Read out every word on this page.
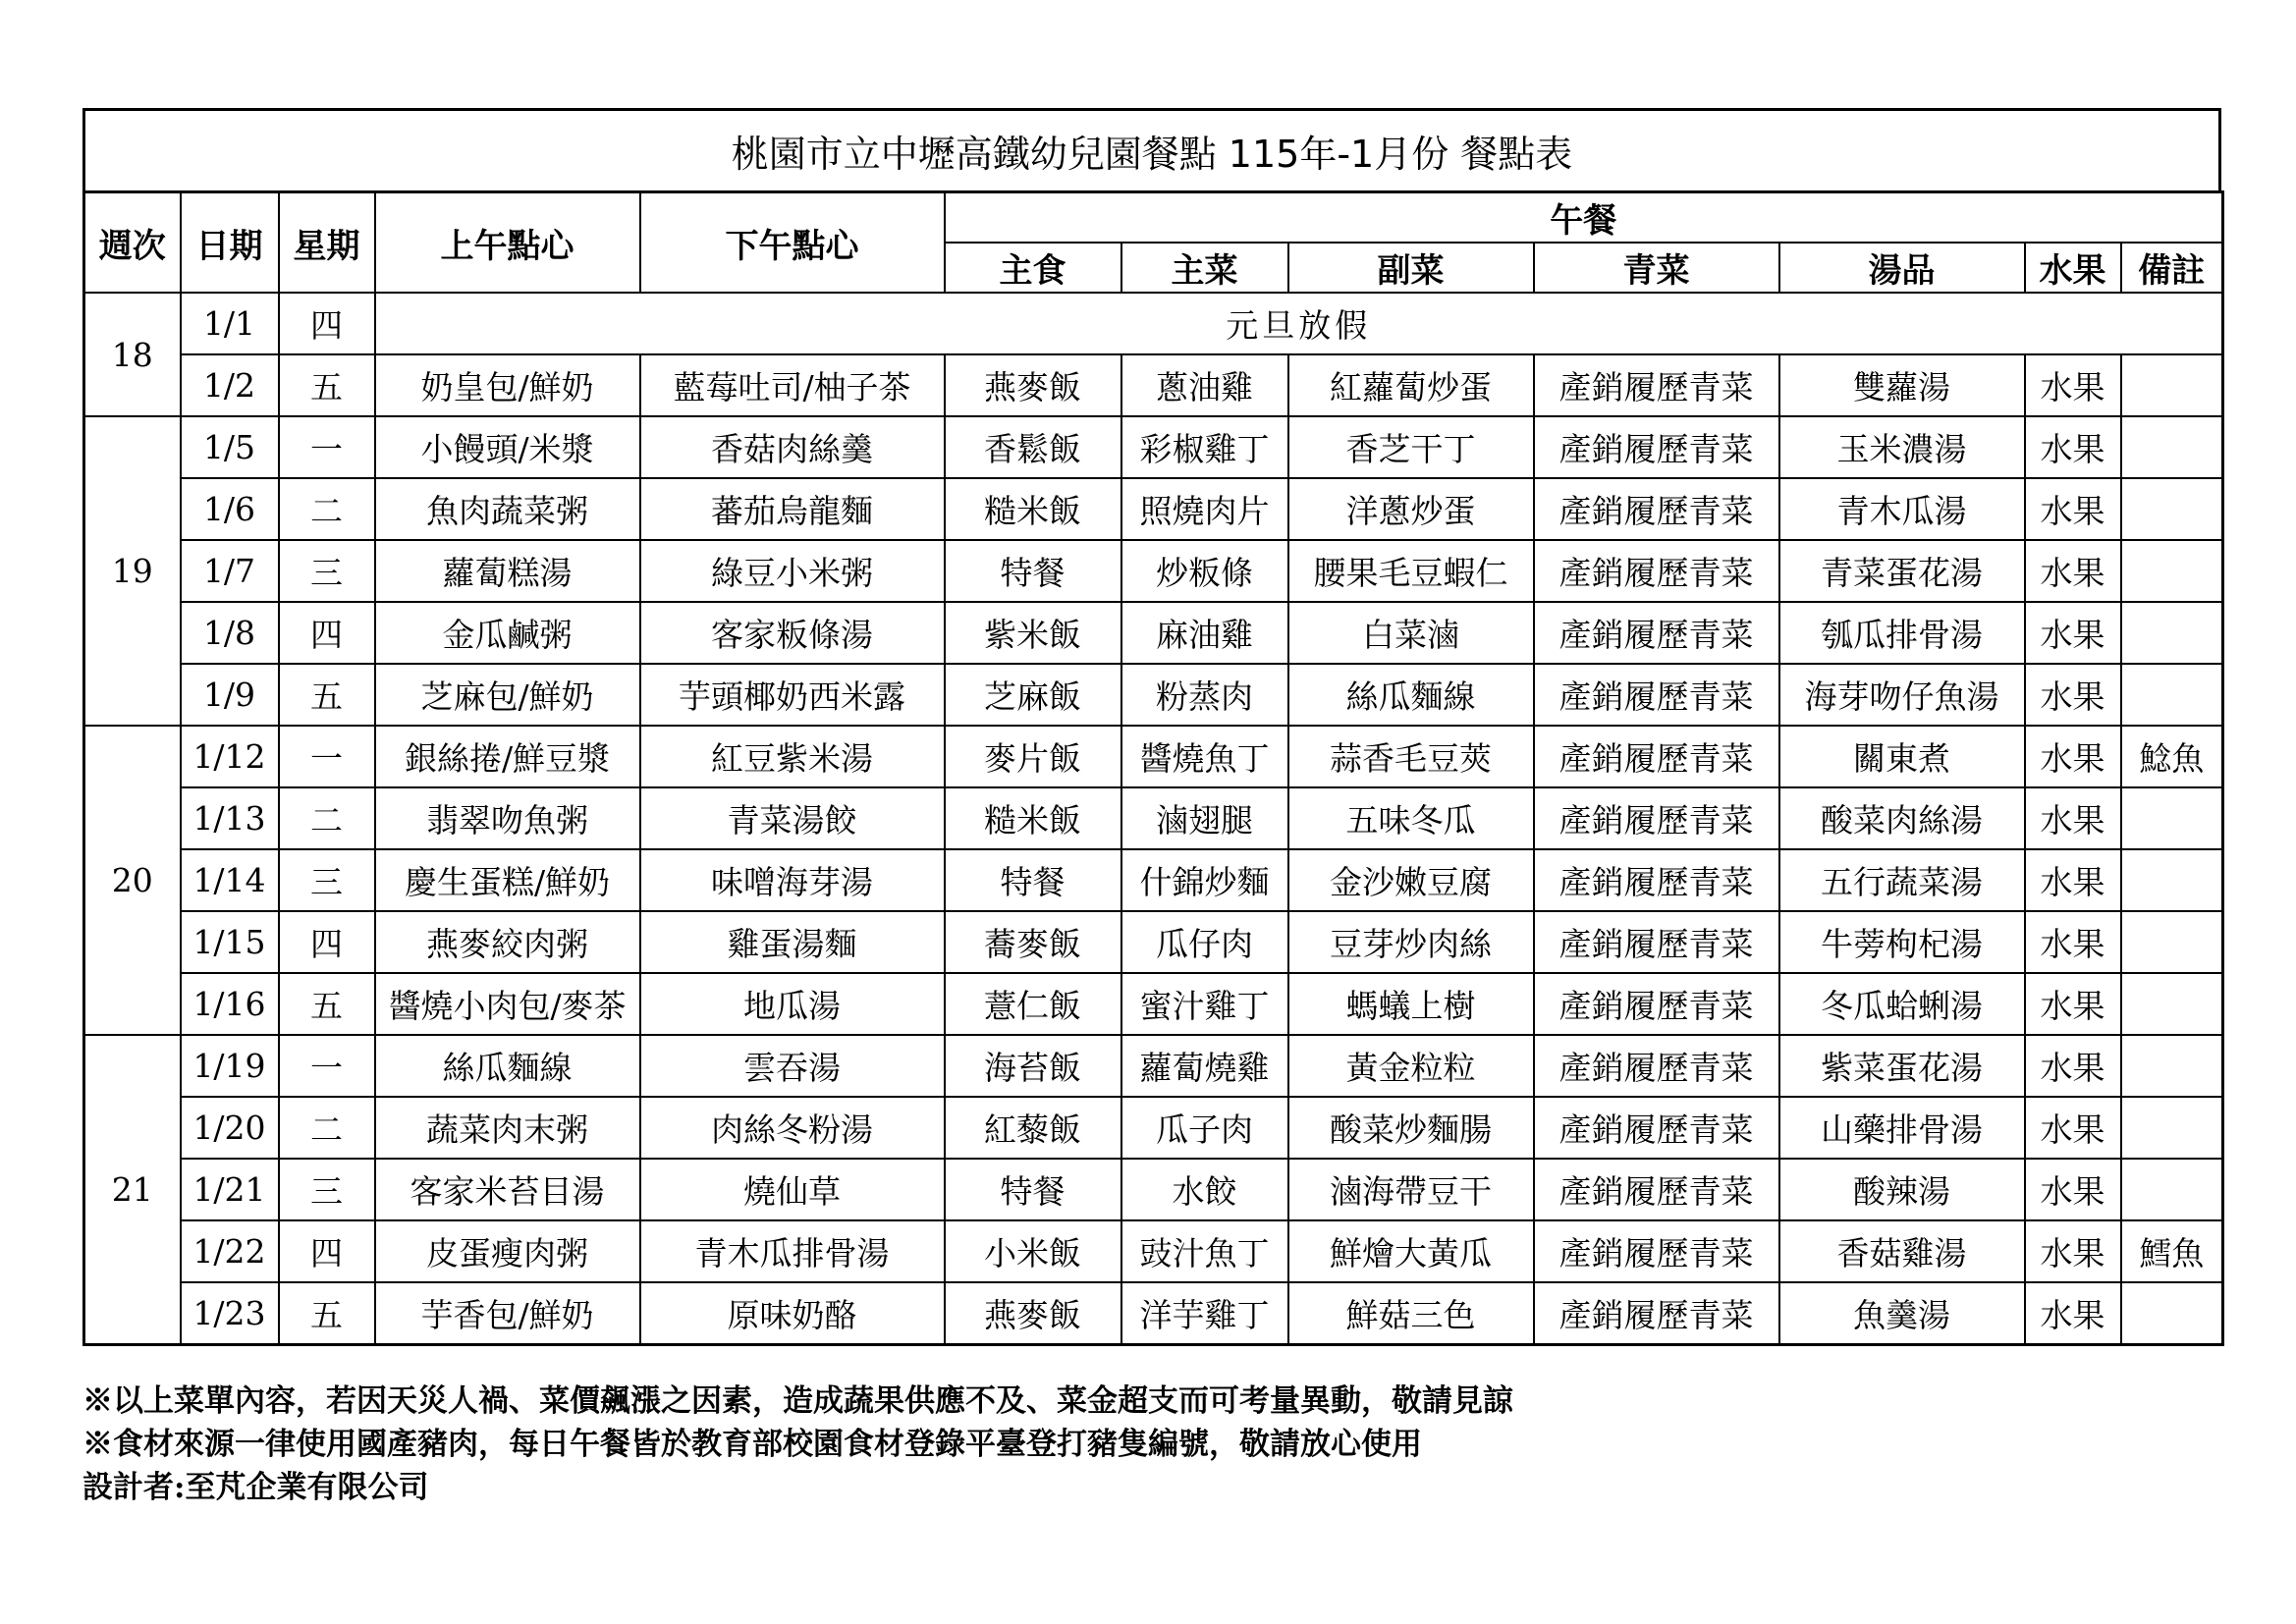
桃園市立中壢高鐵幼兒園餐點 115年-1月份 餐點表
週次	日期	星期	上午點心	下午點心	午餐						
					主食	主菜	副菜	青菜	湯品	水果	備註
18	1/1	四	元旦放假								
	1/2	五	奶皇包/鮮奶	藍莓吐司/柚子茶	燕麥飯	蔥油雞	紅蘿蔔炒蛋	產銷履歷青菜	雙蘿湯	水果	
19	1/5	一	小饅頭/米漿	香菇肉絲羹	香鬆飯	彩椒雞丁	香芝干丁	產銷履歷青菜	玉米濃湯	水果	
	1/6	二	魚肉蔬菜粥	蕃茄烏龍麵	糙米飯	照燒肉片	洋蔥炒蛋	產銷履歷青菜	青木瓜湯	水果	
	1/7	三	蘿蔔糕湯	綠豆小米粥	特餐	炒粄條	腰果毛豆蝦仁	產銷履歷青菜	青菜蛋花湯	水果	
	1/8	四	金瓜鹹粥	客家粄條湯	紫米飯	麻油雞	白菜滷	產銷履歷青菜	瓠瓜排骨湯	水果	
	1/9	五	芝麻包/鮮奶	芋頭椰奶西米露	芝麻飯	粉蒸肉	絲瓜麵線	產銷履歷青菜	海芽吻仔魚湯	水果	
20	1/12	一	銀絲捲/鮮豆漿	紅豆紫米湯	麥片飯	醬燒魚丁	蒜香毛豆莢	產銷履歷青菜	關東煮	水果	鯰魚
	1/13	二	翡翠吻魚粥	青菜湯餃	糙米飯	滷翅腿	五味冬瓜	產銷履歷青菜	酸菜肉絲湯	水果	
	1/14	三	慶生蛋糕/鮮奶	味噌海芽湯	特餐	什錦炒麵	金沙嫩豆腐	產銷履歷青菜	五行蔬菜湯	水果	
	1/15	四	燕麥絞肉粥	雞蛋湯麵	蕎麥飯	瓜仔肉	豆芽炒肉絲	產銷履歷青菜	牛蒡枸杞湯	水果	
	1/16	五	醬燒小肉包/麥茶	地瓜湯	薏仁飯	蜜汁雞丁	螞蟻上樹	產銷履歷青菜	冬瓜蛤蜊湯	水果	
21	1/19	一	絲瓜麵線	雲吞湯	海苔飯	蘿蔔燒雞	黃金粒粒	產銷履歷青菜	紫菜蛋花湯	水果	
	1/20	二	蔬菜肉末粥	肉絲冬粉湯	紅藜飯	瓜子肉	酸菜炒麵腸	產銷履歷青菜	山藥排骨湯	水果	
	1/21	三	客家米苔目湯	燒仙草	特餐	水餃	滷海帶豆干	產銷履歷青菜	酸辣湯	水果	
	1/22	四	皮蛋瘦肉粥	青木瓜排骨湯	小米飯	豉汁魚丁	鮮燴大黃瓜	產銷履歷青菜	香菇雞湯	水果	鱈魚
	1/23	五	芋香包/鮮奶	原味奶酪	燕麥飯	洋芋雞丁	鮮菇三色	產銷履歷青菜	魚羹湯	水果	
※以上菜單內容，若因天災人禍、菜價飆漲之因素，造成蔬果供應不及、菜金超支而可考量異動，敬請見諒
※食材來源一律使用國產豬肉，每日午餐皆於教育部校園食材登錄平臺登打豬隻編號，敬請放心使用
設計者:至芃企業有限公司
